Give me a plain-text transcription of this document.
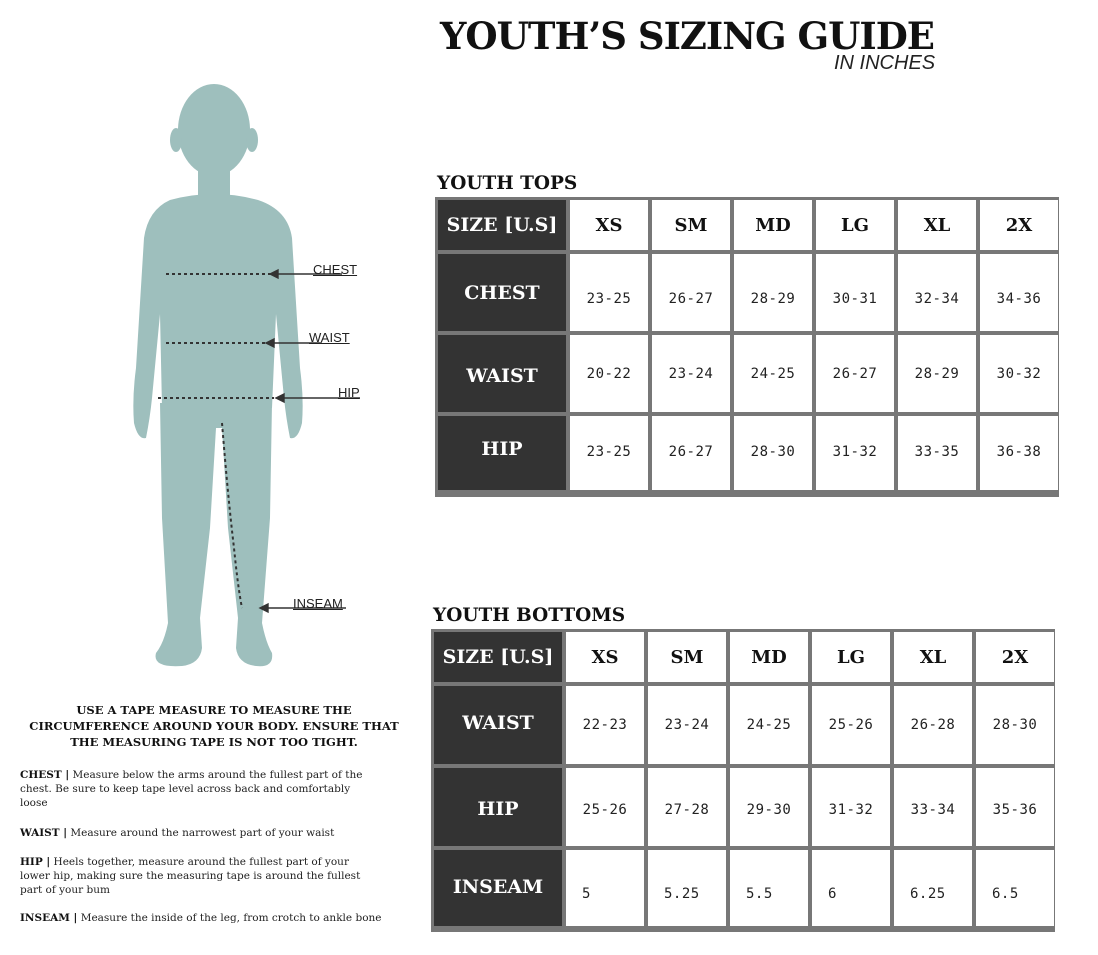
YOUTH’S SIZING GUIDE
IN INCHES
CHEST
WAIST
HIP
INSEAM
USE A TAPE MEASURE TO MEASURE THE CIRCUMFERENCE AROUND YOUR BODY. ENSURE THAT THE MEASURING TAPE IS NOT TOO TIGHT.
CHEST | Measure below the arms around the fullest part of the chest. Be sure to keep tape level across back and comfortably loose
WAIST | Measure around the narrowest part of your waist
HIP | Heels together, measure around the fullest part of your lower hip, making sure the measuring tape is around the fullest part of your bum
INSEAM | Measure the inside of the leg, from crotch to ankle bone
YOUTH TOPS
SIZE [U.S]	XS	SM	MD	LG	XL	2X
CHEST	23-25	26-27	28-29	30-31	32-34	34-36
WAIST	20-22	23-24	24-25	26-27	28-29	30-32
HIP	23-25	26-27	28-30	31-32	33-35	36-38
YOUTH BOTTOMS
SIZE [U.S]	XS	SM	MD	LG	XL	2X
WAIST	22-23	23-24	24-25	25-26	26-28	28-30
HIP	25-26	27-28	29-30	31-32	33-34	35-36
INSEAM	5	5.25	5.5	6	6.25	6.5
